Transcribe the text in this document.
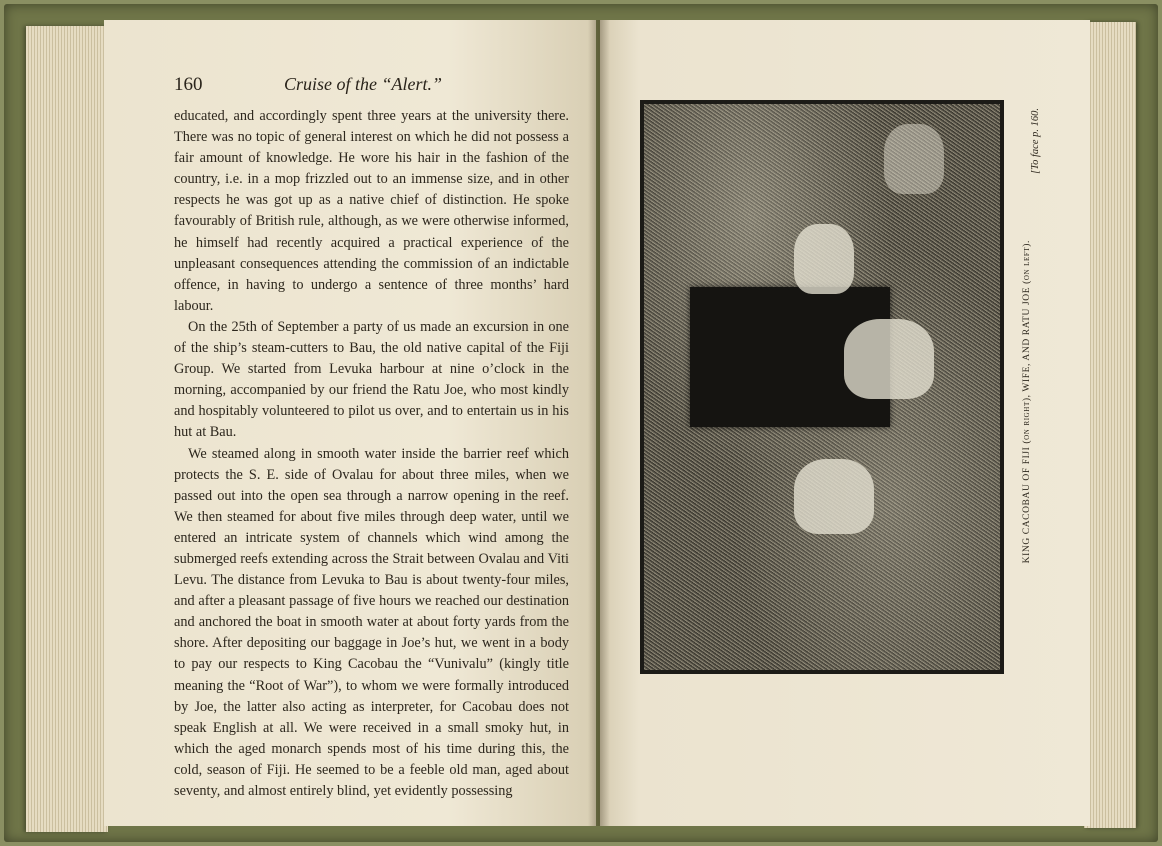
160	Cruise of the “Alert.”

educated, and accordingly spent three years at the university there. There was no topic of general interest on which he did not possess a fair amount of knowledge. He wore his hair in the fashion of the country, i.e. in a mop frizzled out to an immense size, and in other respects he was got up as a native chief of distinction. He spoke favourably of British rule, although, as we were otherwise informed, he himself had recently acquired a practical experience of the unpleasant consequences attending the commission of an indictable offence, in having to undergo a sentence of three months’ hard labour.

On the 25th of September a party of us made an excursion in one of the ship’s steam-cutters to Bau, the old native capital of the Fiji Group. We started from Levuka harbour at nine o’clock in the morning, accompanied by our friend the Ratu Joe, who most kindly and hospitably volunteered to pilot us over, and to entertain us in his hut at Bau.

We steamed along in smooth water inside the barrier reef which protects the S. E. side of Ovalau for about three miles, when we passed out into the open sea through a narrow opening in the reef. We then steamed for about five miles through deep water, until we entered an intricate system of channels which wind among the submerged reefs extending across the Strait between Ovalau and Viti Levu. The distance from Levuka to Bau is about twenty-four miles, and after a pleasant passage of five hours we reached our destination and anchored the boat in smooth water at about forty yards from the shore. After depositing our baggage in Joe’s hut, we went in a body to pay our respects to King Cacobau the “Vunivalu” (kingly title meaning the “Root of War”), to whom we were formally introduced by Joe, the latter also acting as interpreter, for Cacobau does not speak English at all. We were received in a small smoky hut, in which the aged monarch spends most of his time during this, the cold, season of Fiji. He seemed to be a feeble old man, aged about seventy, and almost entirely blind, yet evidently possessing

[To face p. 160.
KING CACOBAU OF FIJI (on right), WIFE, AND RATU JOE (on left).
